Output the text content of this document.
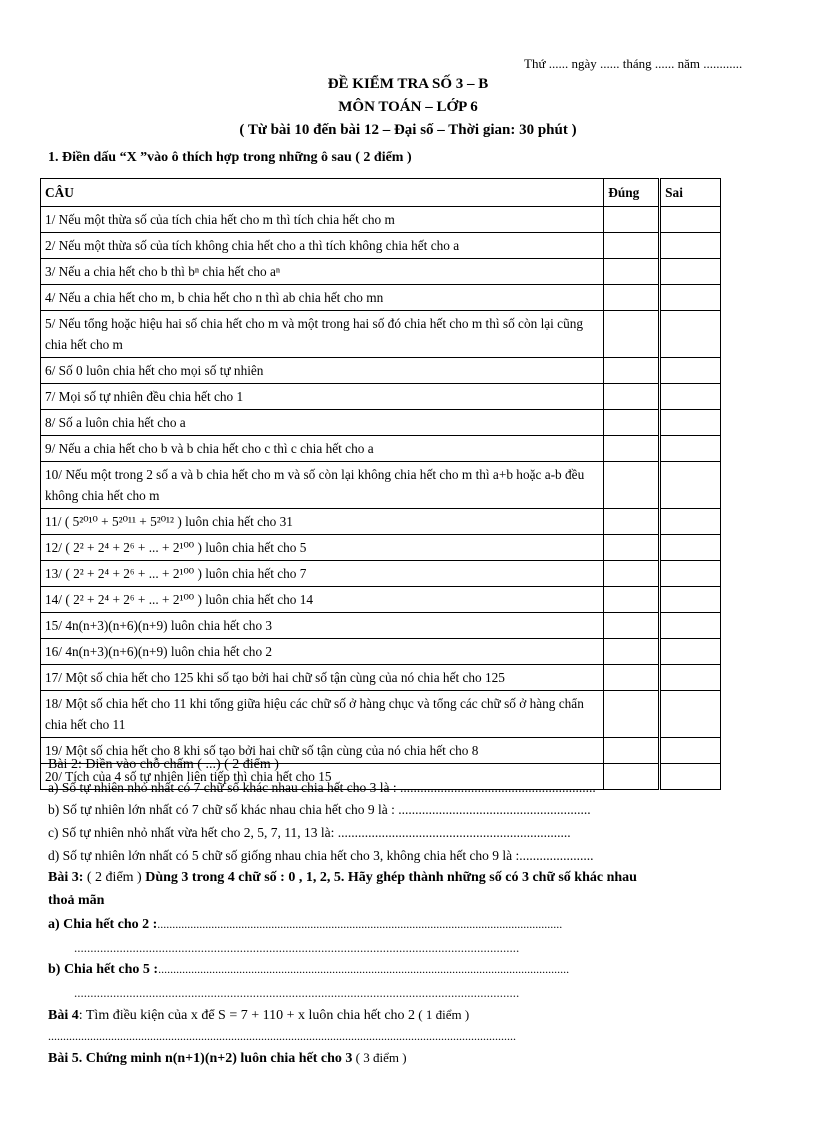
Thứ ...... ngày ...... tháng ...... năm ............
ĐỀ KIỂM TRA SỐ 3 – B
MÔN TOÁN – LỚP 6
( Từ bài 10 đến bài 12 – Đại số – Thời gian: 30 phút )
1. Điền dấu “X ”vào ô thích hợp trong những ô sau ( 2 điểm )
CÂU	Đúng	Sai
1/ Nếu một thừa số của tích chia hết cho m thì tích chia hết cho m		
2/ Nếu một thừa số của tích không chia hết cho a thì tích không chia hết cho a		
3/ Nếu a chia hết cho b thì bⁿ chia hết cho aⁿ		
4/ Nếu a chia hết cho m, b chia hết cho n thì ab chia hết cho mn		
5/ Nếu tổng hoặc hiệu hai số chia hết cho m và một trong hai số đó chia hết cho m thì số còn lại cũng chia hết cho m		
6/ Số 0 luôn chia hết cho mọi số tự nhiên		
7/ Mọi số tự nhiên đều chia hết cho 1		
8/ Số a luôn chia hết cho a		
9/ Nếu a chia hết cho b và b chia hết cho c thì c chia hết cho a		
10/ Nếu một trong 2 số a và b chia hết cho m và số còn lại không chia hết cho m thì a+b hoặc a-b đều không chia hết cho m		
11/ ( 5²⁰¹⁰ + 5²⁰¹¹ + 5²⁰¹² ) luôn chia hết cho 31		
12/ ( 2² + 2⁴ + 2⁶ + ... + 2¹⁰⁰ ) luôn chia hết cho 5		
13/ ( 2² + 2⁴ + 2⁶ + ... + 2¹⁰⁰ ) luôn chia hết cho 7		
14/ ( 2² + 2⁴ + 2⁶ + ... + 2¹⁰⁰ ) luôn chia hết cho 14		
15/ 4n(n+3)(n+6)(n+9) luôn chia hết cho 3		
16/ 4n(n+3)(n+6)(n+9) luôn chia hết cho 2		
17/ Một số chia hết cho 125 khi số tạo bởi hai chữ số tận cùng của nó chia hết cho 125		
18/ Một số chia hết cho 11 khi tổng giữa hiệu các chữ số ở hàng chục và tổng các chữ số ở hàng chẩn chia hết cho 11		
19/ Một số chia hết cho 8 khi số tạo bởi hai chữ số tận cùng của nó chia hết cho 8		
20/ Tích của 4 số tự nhiên liên tiếp thì chia hết cho 15		
Bài 2: Điền vào chỗ chấm ( ...) ( 2 điểm )
a) Số tự nhiên nhỏ nhất có 7 chữ số khác nhau chia hết cho 3 là : ..........................................................
b) Số tự nhiên lớn nhất có 7 chữ số khác nhau chia hết cho 9 là : .........................................................
c) Số tự nhiên nhỏ nhất vừa hết cho 2, 5, 7, 11, 13 là: .....................................................................
d) Số tự nhiên lớn nhất có 5 chữ số giống nhau chia hết cho 3, không chia hết cho 9 là :......................
Bài 3: ( 2 điểm ) Dùng 3 trong 4 chữ số : 0 , 1, 2, 5. Hãy ghép thành những số có 3 chữ số khác nhau
thoả mãn
a) Chia hết cho 2 :.......................................................................................................................................
.........................................................................................................................................
b) Chia hết cho 5 :.........................................................................................................................................
.........................................................................................................................................
Bài 4: Tìm điều kiện của x để S = 7 + 110 + x luôn chia hết cho 2 ( 1 điểm )
............................................................................................................................................................
Bài 5. Chứng minh n(n+1)(n+2) luôn chia hết cho 3 ( 3 điểm )
